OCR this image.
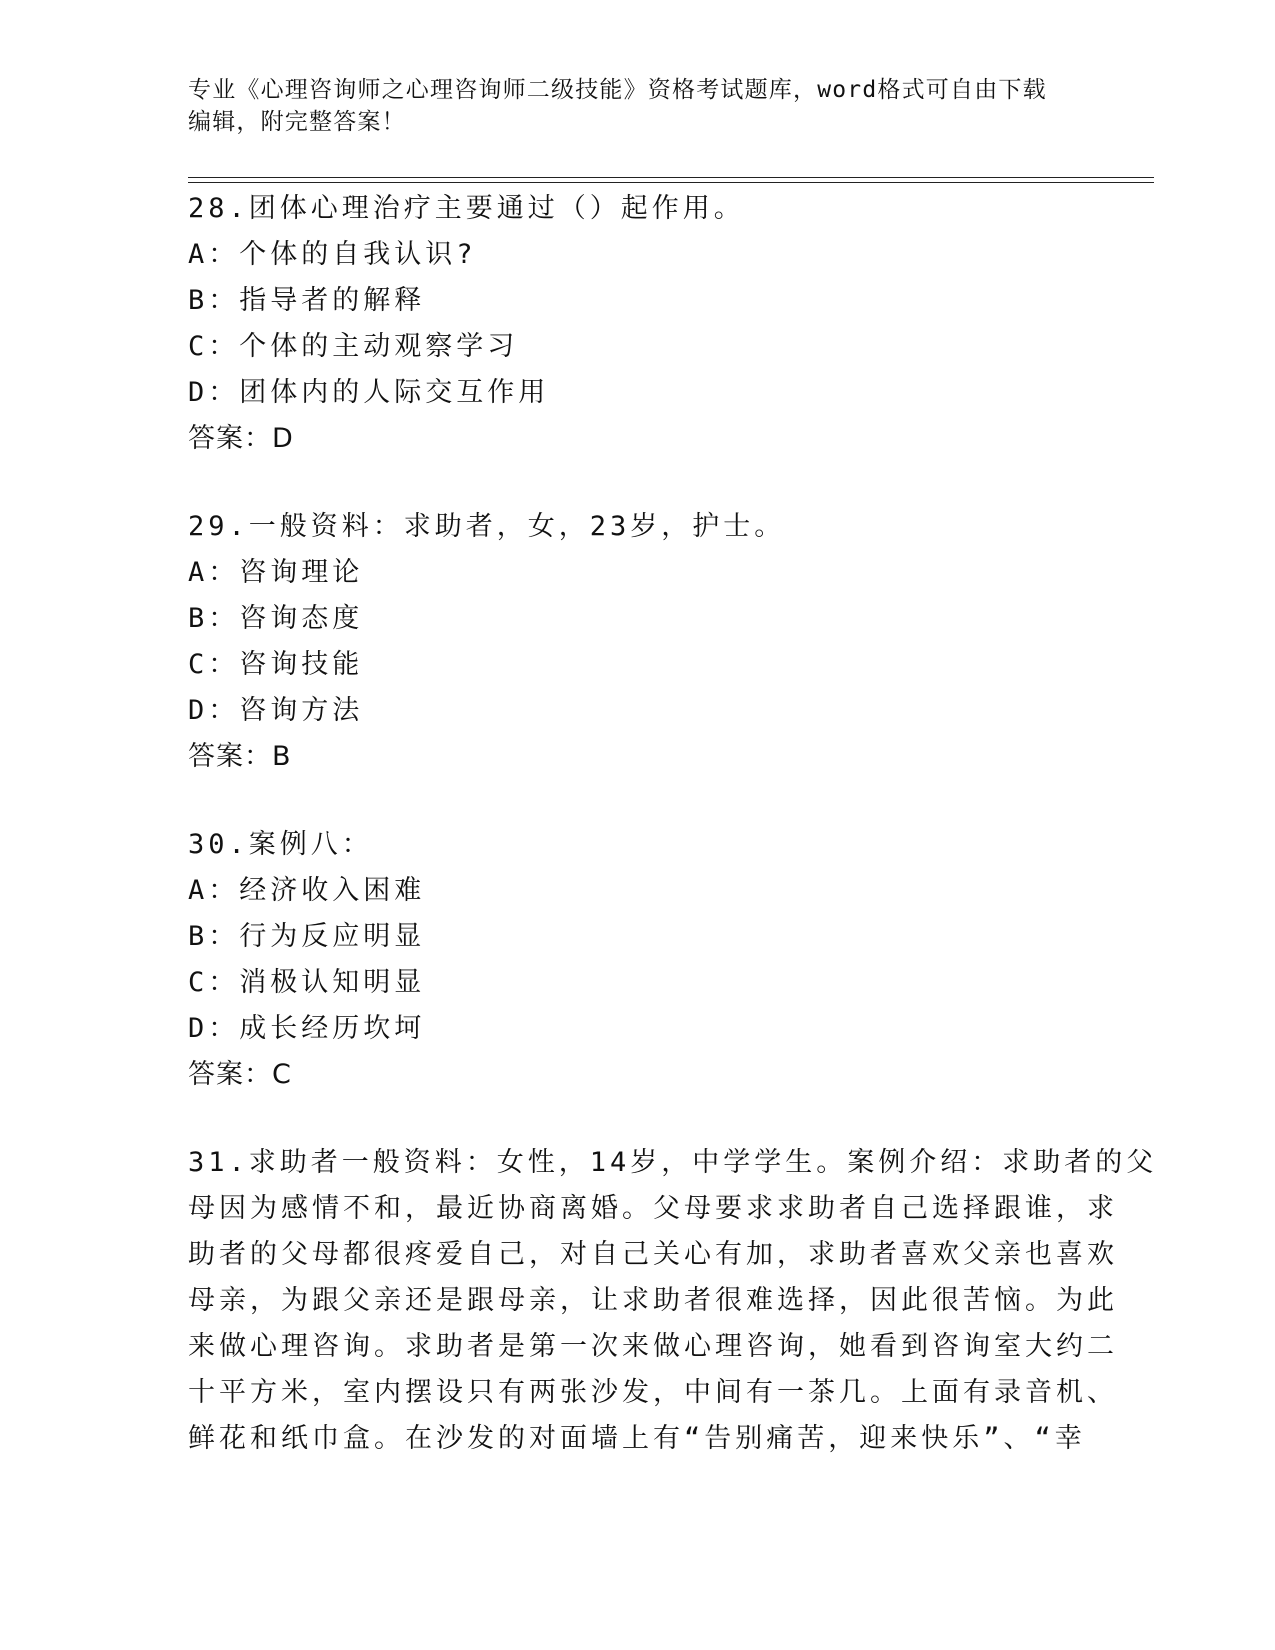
专业《心理咨询师之心理咨询师二级技能》资格考试题库，word格式可自由下载
编辑，附完整答案！
28.团体心理治疗主要通过（）起作用。
A：个体的自我认识?
B：指导者的解释
C：个体的主动观察学习
D：团体内的人际交互作用
答案：D
29.一般资料：求助者，女，23岁，护士。
A：咨询理论
B：咨询态度
C：咨询技能
D：咨询方法
答案：B
30.案例八：
A：经济收入困难
B：行为反应明显
C：消极认知明显
D：成长经历坎坷
答案：C
31.求助者一般资料：女性，14岁，中学学生。案例介绍：求助者的父
母因为感情不和，最近协商离婚。父母要求求助者自己选择跟谁，求
助者的父母都很疼爱自己，对自己关心有加，求助者喜欢父亲也喜欢
母亲，为跟父亲还是跟母亲，让求助者很难选择，因此很苦恼。为此
来做心理咨询。求助者是第一次来做心理咨询，她看到咨询室大约二
十平方米，室内摆设只有两张沙发，中间有一茶几。上面有录音机、
鲜花和纸巾盒。在沙发的对面墙上有“告别痛苦，迎来快乐”、“幸
